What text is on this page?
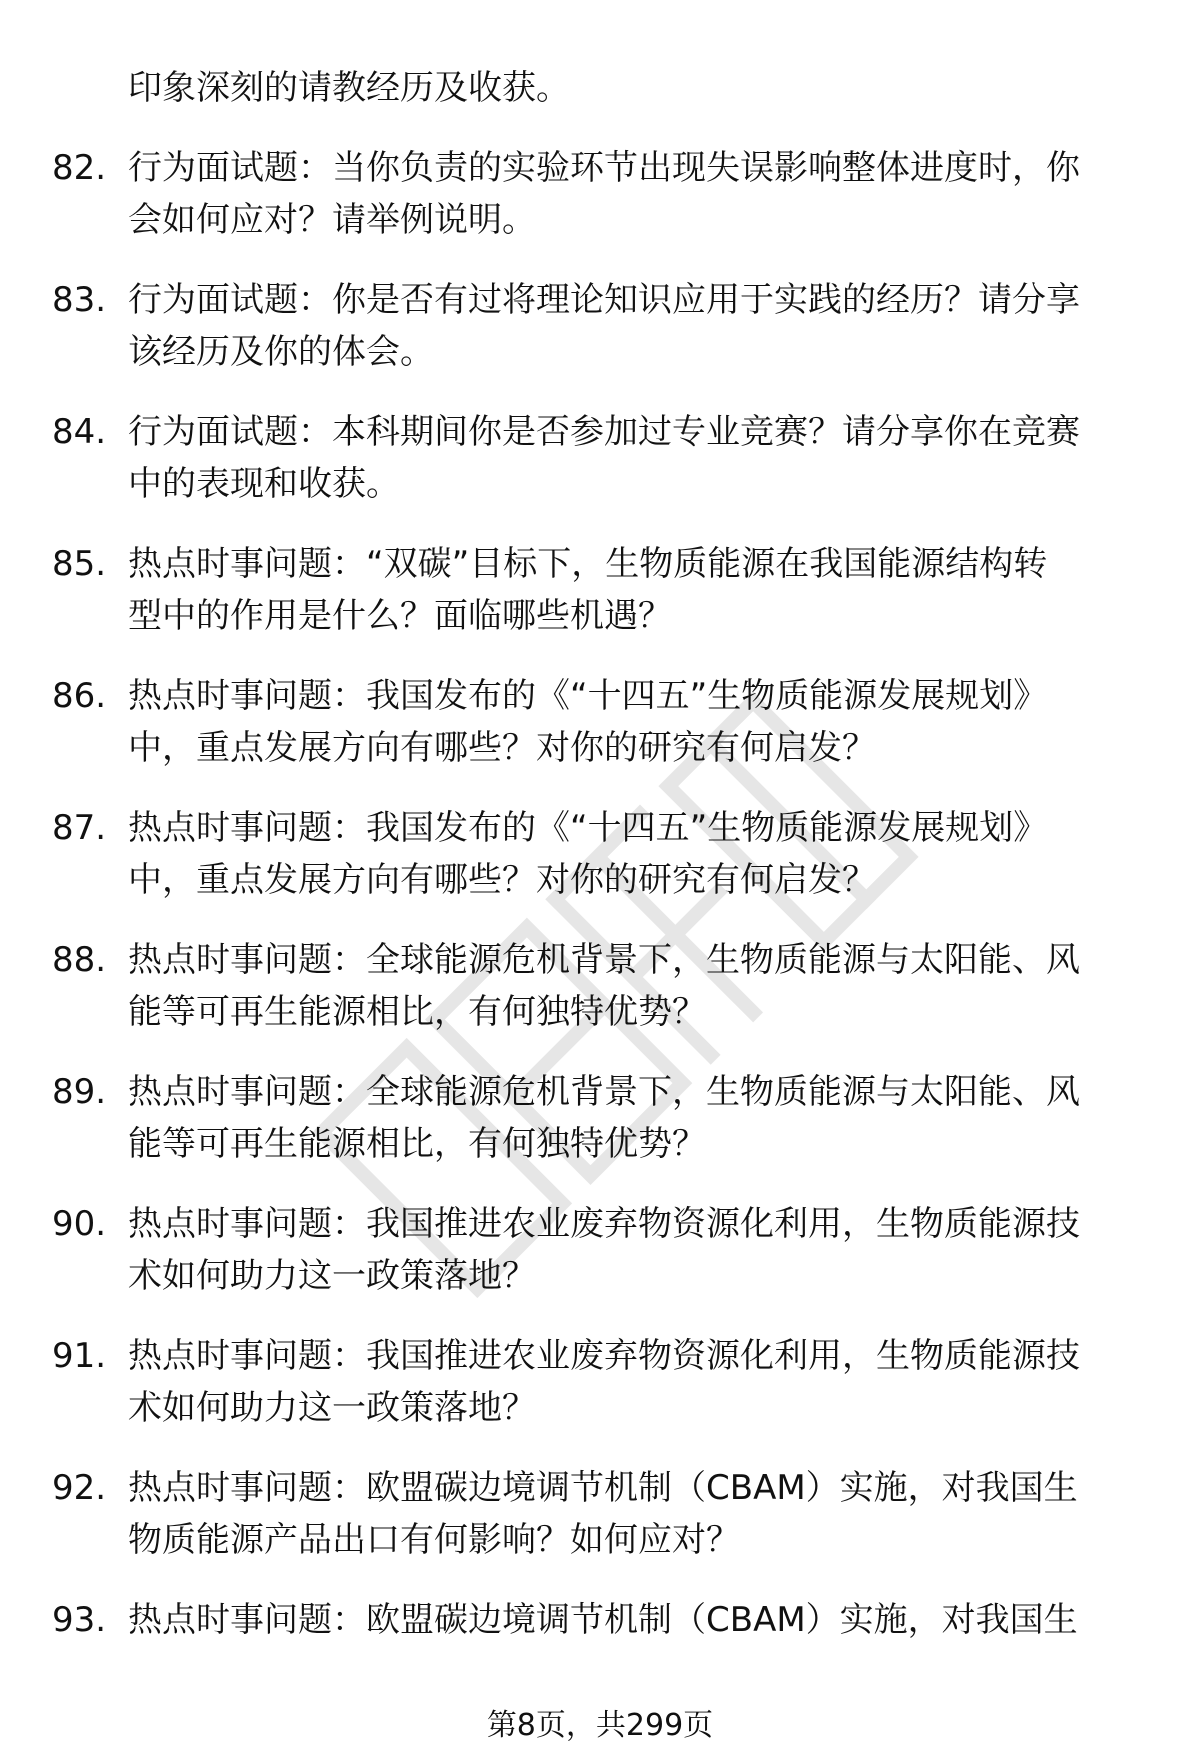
印象深刻的请教经历及收获。
82. 行为面试题：当你负责的实验环节出现失误影响整体进度时，你
会如何应对？请举例说明。
83. 行为面试题：你是否有过将理论知识应用于实践的经历？请分享
该经历及你的体会。
84. 行为面试题：本科期间你是否参加过专业竞赛？请分享你在竞赛
中的表现和收获。
85. 热点时事问题：“双碳”目标下，生物质能源在我国能源结构转
型中的作用是什么？面临哪些机遇？
86. 热点时事问题：我国发布的《“十四五”生物质能源发展规划》
中，重点发展方向有哪些？对你的研究有何启发？
87. 热点时事问题：我国发布的《“十四五”生物质能源发展规划》
中，重点发展方向有哪些？对你的研究有何启发？
88. 热点时事问题：全球能源危机背景下，生物质能源与太阳能、风
能等可再生能源相比，有何独特优势？
89. 热点时事问题：全球能源危机背景下，生物质能源与太阳能、风
能等可再生能源相比，有何独特优势？
90. 热点时事问题：我国推进农业废弃物资源化利用，生物质能源技
术如何助力这一政策落地？
91. 热点时事问题：我国推进农业废弃物资源化利用，生物质能源技
术如何助力这一政策落地？
92. 热点时事问题：欧盟碳边境调节机制（CBAM）实施，对我国生
物质能源产品出口有何影响？如何应对？
93. 热点时事问题：欧盟碳边境调节机制（CBAM）实施，对我国生
第8页，共299页
